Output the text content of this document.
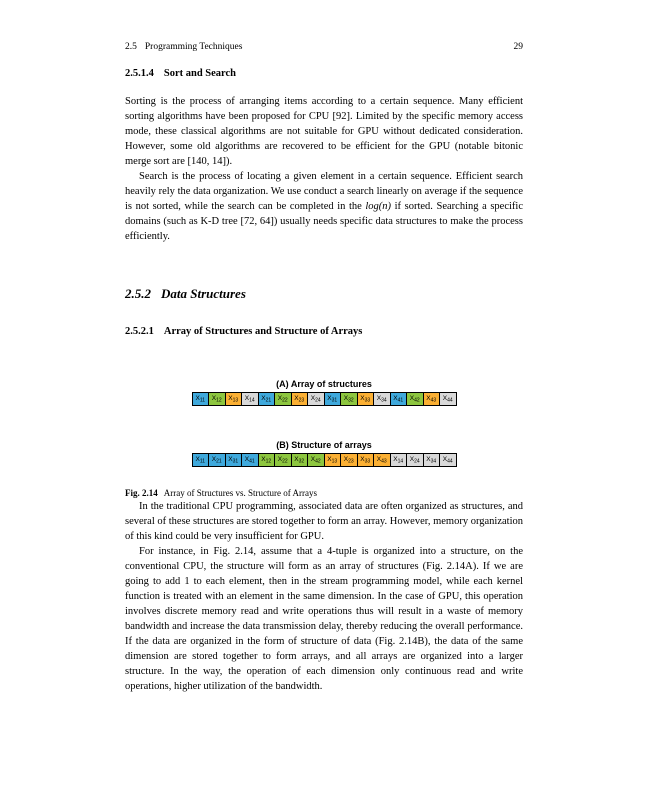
2.5 Programming Techniques	29
2.5.1.4 Sort and Search

Sorting is the process of arranging items according to a certain sequence. Many efficient sorting algorithms have been proposed for CPU [92]. Limited by the specific memory access mode, these classical algorithms are not suitable for GPU without dedicated consideration. However, some old algorithms are recovered to be efficient for the GPU (notable bitonic merge sort are [140, 14]).

Search is the process of locating a given element in a certain sequence. Efficient search heavily rely the data organization. We use conduct a search linearly on average if the sequence is not sorted, while the search can be completed in the log(n) if sorted. Searching a specific domains (such as K-D tree [72, 64]) usually needs specific data structures to make the process efficiently.

2.5.2 Data Structures
2.5.2.1 Array of Structures and Structure of Arrays
(A) Array of structures
$X_{11}$	$X_{12}$	$X_{13}$	$X_{14}$	$X_{21}$	$X_{22}$	$X_{23}$	$X_{24}$	$X_{31}$	$X_{32}$	$X_{33}$	$X_{34}$	$X_{41}$	$X_{42}$	$X_{43}$	$X_{44}$
(B) Structure of arrays
$X_{11}$	$X_{21}$	$X_{31}$	$X_{41}$	$X_{12}$	$X_{22}$	$X_{32}$	$X_{42}$	$X_{13}$	$X_{23}$	$X_{33}$	$X_{43}$	$X_{14}$	$X_{24}$	$X_{34}$	$X_{44}$

Fig. 2.14 Array of Structures vs. Structure of Arrays

In the traditional CPU programming, associated data are often organized as structures, and several of these structures are stored together to form an array. However, memory organization of this kind could be very insufficient for GPU.

For instance, in Fig. 2.14, assume that a 4-tuple is organized into a structure, on the conventional CPU, the structure will form as an array of structures (Fig. 2.14A). If we are going to add 1 to each element, then in the stream programming model, while each kernel function is treated with an element in the same dimension. In the case of GPU, this operation involves discrete memory read and write operations thus will result in a waste of memory bandwidth and increase the data transmission delay, thereby reducing the overall performance. If the data are organized in the form of structure of data (Fig. 2.14B), the data of the same dimension are stored together to form arrays, and all arrays are organized into a larger structure. In the way, the operation of each dimension only continuous read and write operations, higher utilization of the bandwidth.
